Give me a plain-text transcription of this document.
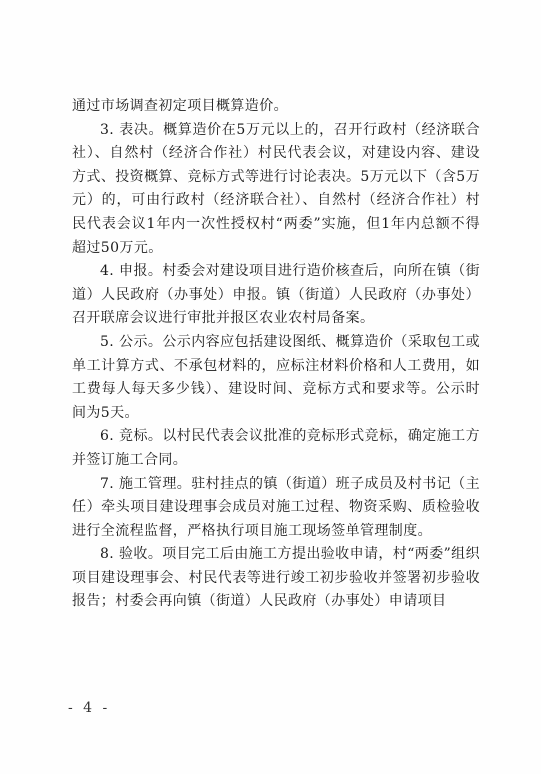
通过市场调查初定项目概算造价。

3. 表决。概算造价在5万元以上的，召开行政村（经济联合社）、自然村（经济合作社）村民代表会议，对建设内容、建设方式、投资概算、竞标方式等进行讨论表决。5万元以下（含5万元）的，可由行政村（经济联合社）、自然村（经济合作社）村民代表会议1年内一次性授权村“两委”实施，但1年内总额不得超过50万元。

4. 申报。村委会对建设项目进行造价核查后，向所在镇（街道）人民政府（办事处）申报。镇（街道）人民政府（办事处）召开联席会议进行审批并报区农业农村局备案。

5. 公示。公示内容应包括建设图纸、概算造价（采取包工或单工计算方式、不承包材料的，应标注材料价格和人工费用，如工费每人每天多少钱）、建设时间、竞标方式和要求等。公示时间为5天。

6. 竞标。以村民代表会议批准的竞标形式竞标，确定施工方并签订施工合同。

7. 施工管理。驻村挂点的镇（街道）班子成员及村书记（主任）牵头项目建设理事会成员对施工过程、物资采购、质检验收进行全流程监督，严格执行项目施工现场签单管理制度。

8. 验收。项目完工后由施工方提出验收申请，村“两委”组织项目建设理事会、村民代表等进行竣工初步验收并签署初步验收报告；村委会再向镇（街道）人民政府（办事处）申请项目

- 4 -
